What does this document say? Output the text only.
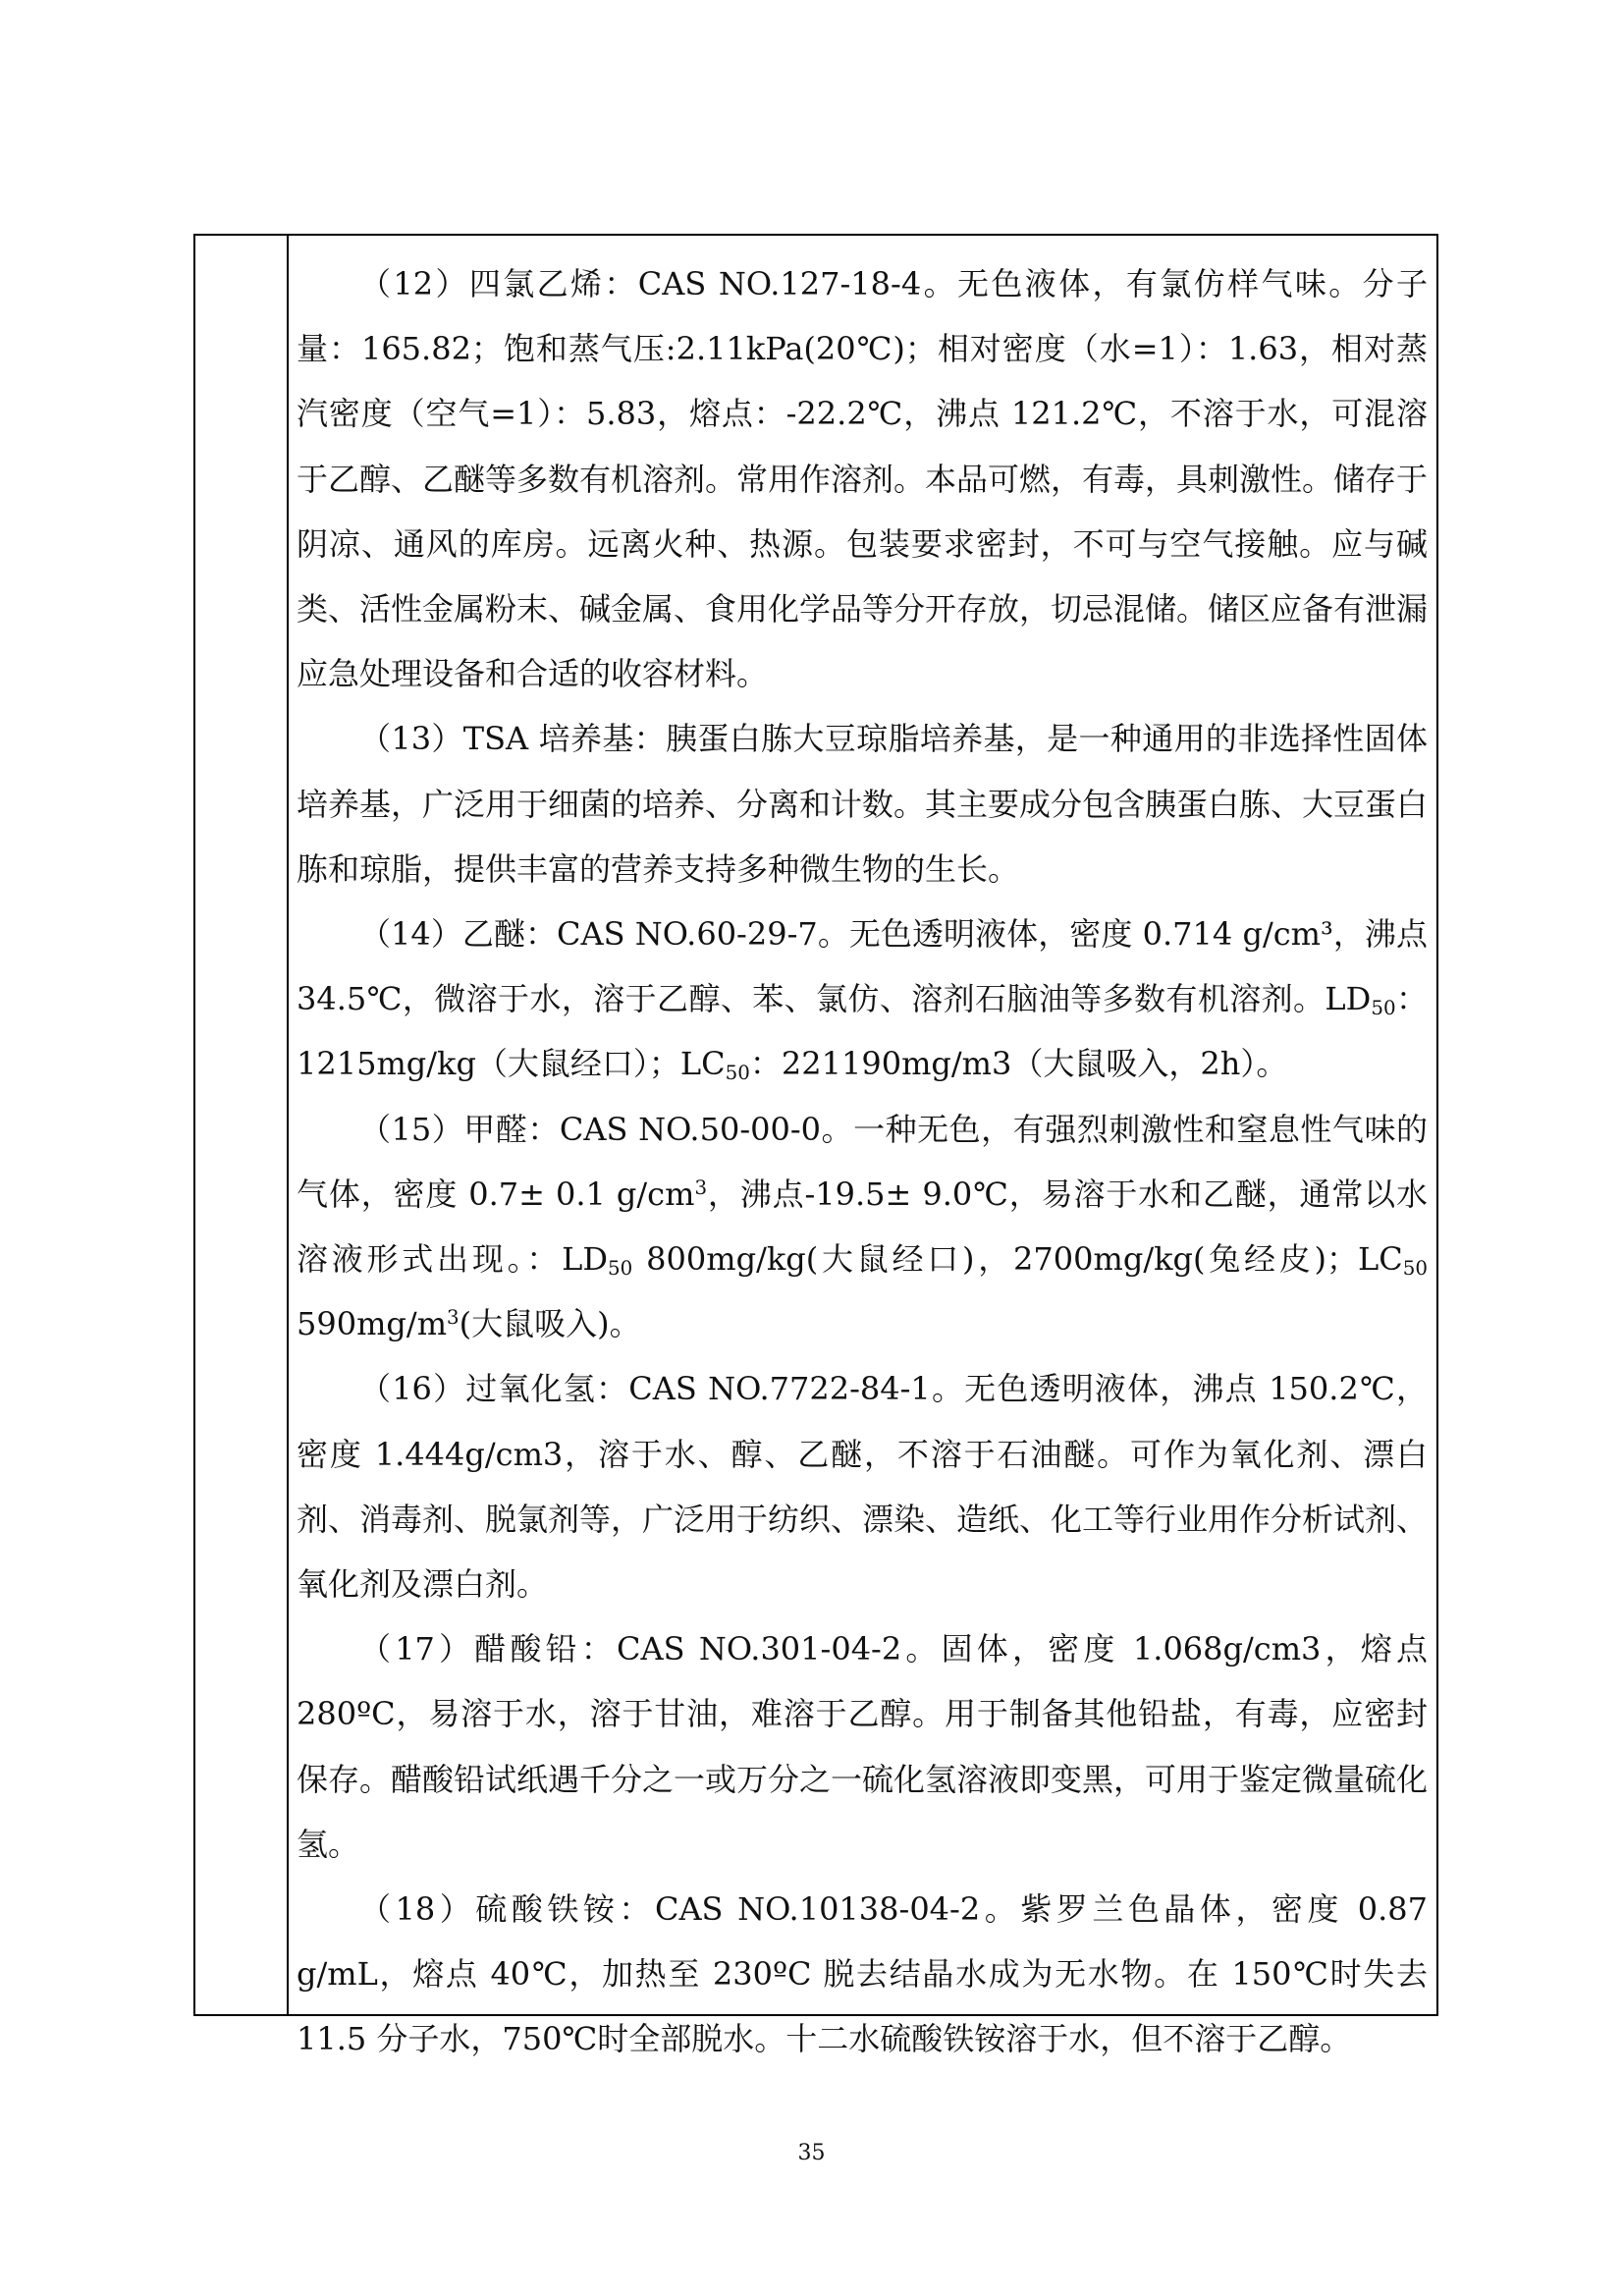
（12）四氯乙烯：CAS NO.127-18-4。无色液体，有氯仿样气味。分子量：165.82；饱和蒸气压:2.11kPa(20℃)；相对密度（水=1）：1.63，相对蒸汽密度（空气=1）：5.83，熔点：-22.2℃，沸点 121.2℃，不溶于水，可混溶于乙醇、乙醚等多数有机溶剂。常用作溶剂。本品可燃，有毒，具刺激性。储存于阴凉、通风的库房。远离火种、热源。包装要求密封，不可与空气接触。应与碱类、活性金属粉末、碱金属、食用化学品等分开存放，切忌混储。储区应备有泄漏应急处理设备和合适的收容材料。

（13）TSA 培养基：胰蛋白胨大豆琼脂培养基，是一种通用的非选择性固体培养基，广泛用于细菌的培养、分离和计数。其主要成分包含胰蛋白胨、大豆蛋白胨和琼脂，提供丰富的营养支持多种微生物的生长。

（14）乙醚：CAS NO.60-29-7。无色透明液体，密度 0.714 g/cm³，沸点 34.5℃，微溶于水，溶于乙醇、苯、氯仿、溶剂石脑油等多数有机溶剂。$LD_{50}$：1215mg/kg（大鼠经口）；$LC_{50}$：221190mg/m3（大鼠吸入，2h）。

（15）甲醛：CAS NO.50-00-0。一种无色，有强烈刺激性和窒息性气味的气体，密度 0.7± 0.1 $g/cm^3$，沸点-19.5± 9.0℃，易溶于水和乙醚，通常以水溶液形式出现。：$LD_{50}$ 800mg/kg(大鼠经口)，2700mg/kg(兔经皮)；$LC_{50}$ $590mg/m^3$(大鼠吸入)。

（16）过氧化氢：CAS NO.7722-84-1。无色透明液体，沸点 150.2℃，密度 1.444g/cm3，溶于水、醇、乙醚，不溶于石油醚。可作为氧化剂、漂白剂、消毒剂、脱氯剂等，广泛用于纺织、漂染、造纸、化工等行业用作分析试剂、氧化剂及漂白剂。

（17）醋酸铅：CAS NO.301-04-2。固体，密度 1.068g/cm3，熔点 280ºC，易溶于水，溶于甘油，难溶于乙醇。用于制备其他铅盐，有毒，应密封保存。醋酸铅试纸遇千分之一或万分之一硫化氢溶液即变黑，可用于鉴定微量硫化氢。

（18）硫酸铁铵：CAS NO.10138-04-2。紫罗兰色晶体，密度 0.87 g/mL，熔点 40℃，加热至 230ºC 脱去结晶水成为无水物。在 150℃时失去 11.5 分子水，750℃时全部脱水。十二水硫酸铁铵溶于水，但不溶于乙醇。

35
